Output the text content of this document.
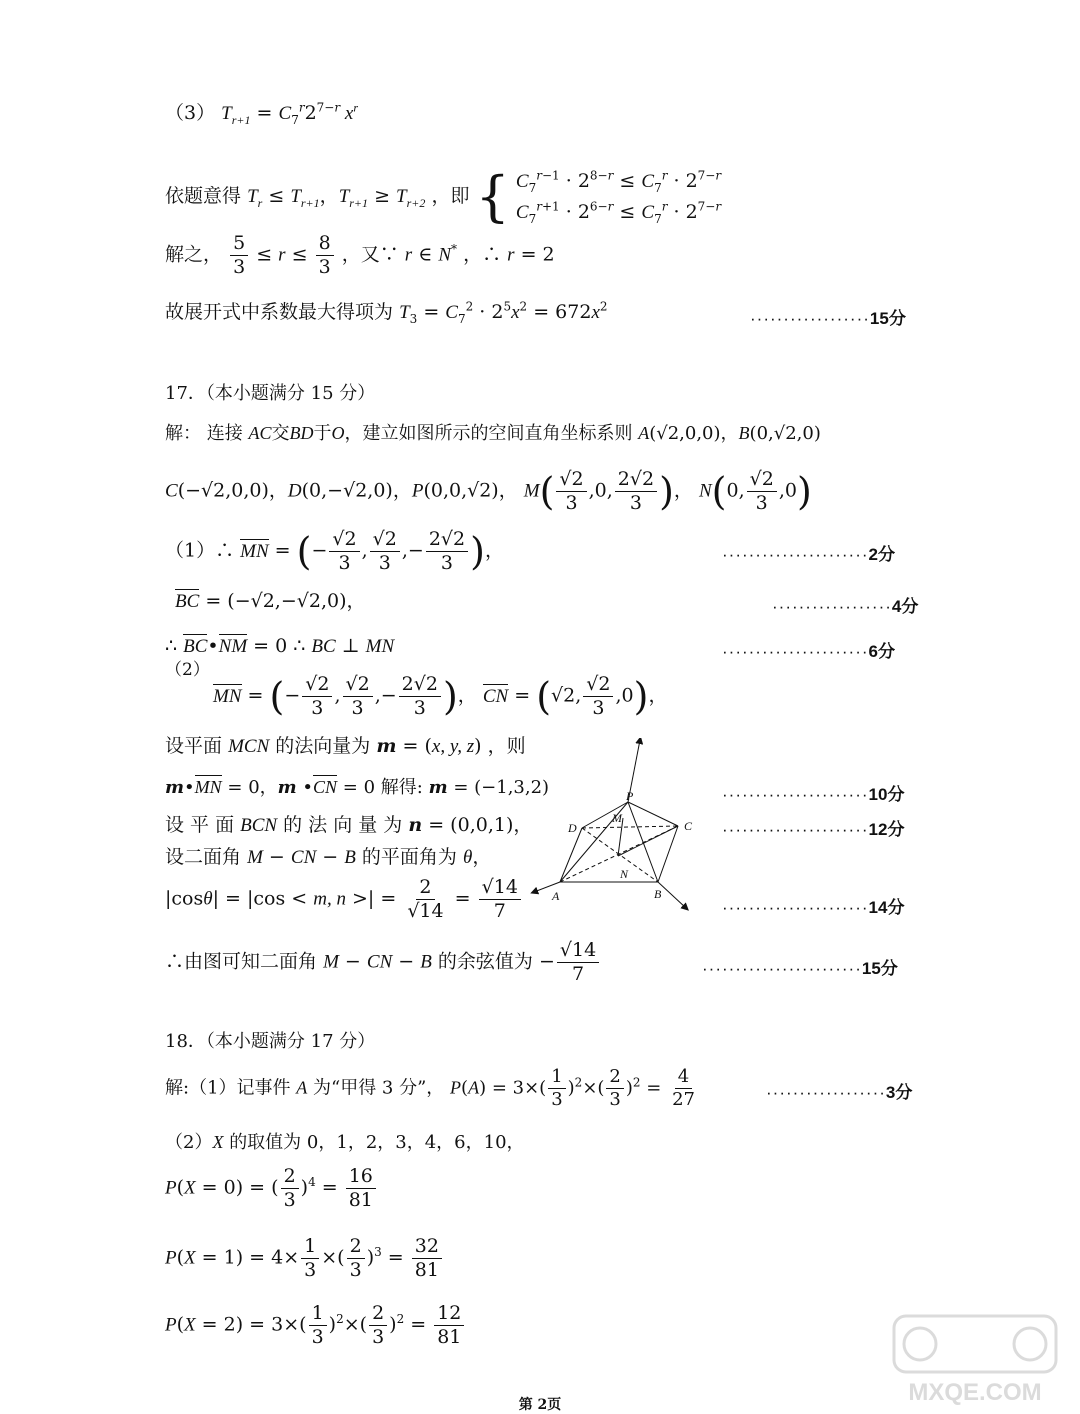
（3） $T_{r+1} = C_7^r2^{7-r}$ $x^r$
依题意得 $T_r \le T_{r+1}$，$T_{r+1} \ge T_{r+2}$ ，即 { $C_7^{r-1} \cdot 2^{8-r} \le C_7^r \cdot 2^{7-r}$
$C_7^{r+1} \cdot 2^{6-r} \le C_7^r \cdot 2^{7-r}$
解之， $\frac{5}{3} \le r \le \frac{8}{3}$ ，又∵ r ∈ N* ，∴ r = 2
故展开式中系数最大得项为 $T_3 = C_7^2 \cdot 2^5x^2 = 672x^2$
··················15分
17．（本小题满分 15 分）
解： 连接 AC交BD于O，建立如图所示的空间直角坐标系则 A(√2,0,0)，B(0,√2,0)
C(−√2,0,0)，D(0,−√2,0)，P(0,0,√2)， $M( \frac{√2}{3} ,0$, $\frac{2√2}{3}$ )， N(0, $\frac{√2}{3} ,0$)
（1）∴ MN = (− $\frac{√2}{3}$ , $\frac{√2}{3}$ ,− $\frac{2√2}{3}$ )，	······················2分
BC = (−√2,−√2,0)，	··················4分
∴ BC•NM = 0 ∴ BC ⊥ MN	······················6分
（2）
MN = (− $\frac{√2}{3}$ , $\frac{√2}{3}$ ,− $\frac{2√2}{3}$ )， CN = (√2, $\frac{√2}{3} ,0$)，
设平面 MCN 的法向量为 m = (x, y, z) ，则
m•MN = 0，m •CN = 0 解得: m = (−1,3,2)	······················10分
设 平 面 BCN 的 法 向 量 为 n = (0,0,1)，	······················12分
设二面角 M − CN − B 的平面角为 θ，
|cosθ| = |cos < m, n >| = $\frac{2}{√14} = \frac{√14}{7}$	······················14分
∴由图可知二面角 M − CN − B 的余弦值为 − $\frac{√14}{7}$	························15分
P
M
D	C
N
A	B
18．（本小题满分 17 分）
解:（1）记事件 A 为“甲得 3 分”， $P(A) = 3\times( \frac{1}{3} )^2\times( \frac{2}{3} )^2 = \frac{4}{27}$	··················3分
（2）X 的取值为 0，1，2，3，4，6，10，
P(X = 0) = ( $\frac{2}{3} )^4 = \frac{16}{81}$
$P(X = 1) = 4\times \frac{1}{3}$ ×( $\frac{2}{3} )^3 = \frac{32}{81}$
$P(X = 2) = 3\times( \frac{1}{3} )^2\times( \frac{2}{3} )^2 = \frac{12}{81}$
第 2页	MXQE.COM
